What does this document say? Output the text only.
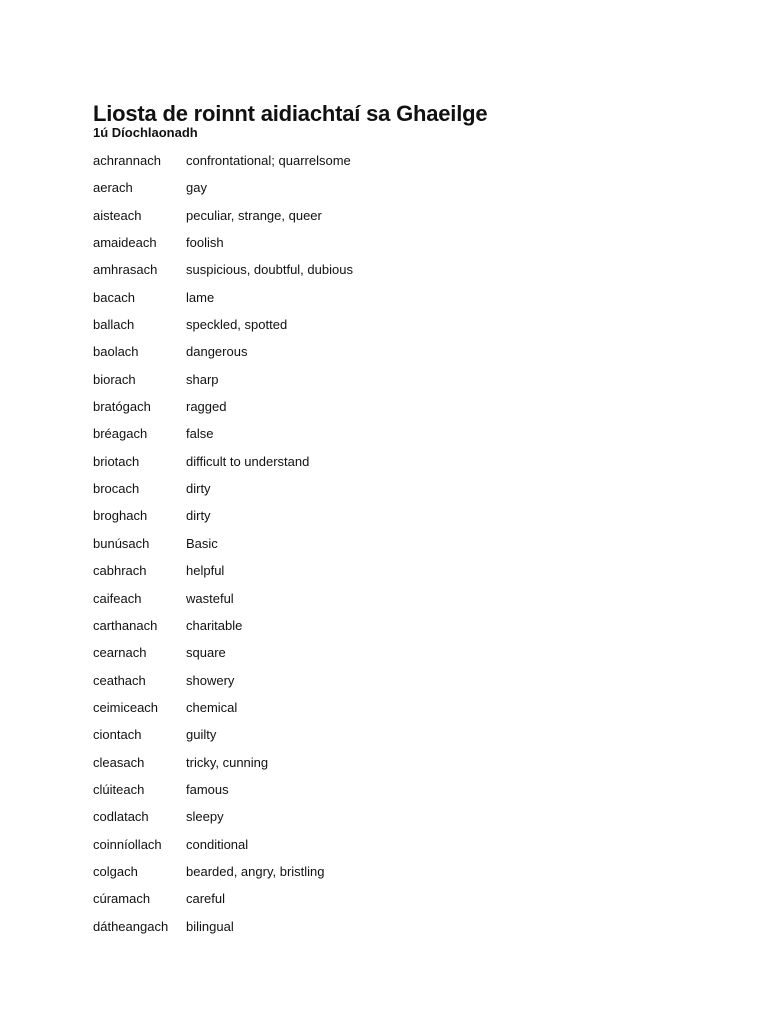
Liosta de roinnt aidiachtaí sa Ghaeilge
1ú Díochlaonadh
achrannach	confrontational; quarrelsome
aerach	gay
aisteach	peculiar, strange, queer
amaideach	foolish
amhrasach	suspicious, doubtful, dubious
bacach	lame
ballach	speckled, spotted
baolach	dangerous
biorach	sharp
bratógach	ragged
bréagach	false
briotach	difficult to understand
brocach	dirty
broghach	dirty
bunúsach	Basic
cabhrach	helpful
caifeach	wasteful
carthanach	charitable
cearnach	square
ceathach	showery
ceimiceach	chemical
ciontach	guilty
cleasach	tricky, cunning
clúiteach	famous
codlatach	sleepy
coinníollach	conditional
colgach	bearded, angry, bristling
cúramach	careful
dátheangach	bilingual
